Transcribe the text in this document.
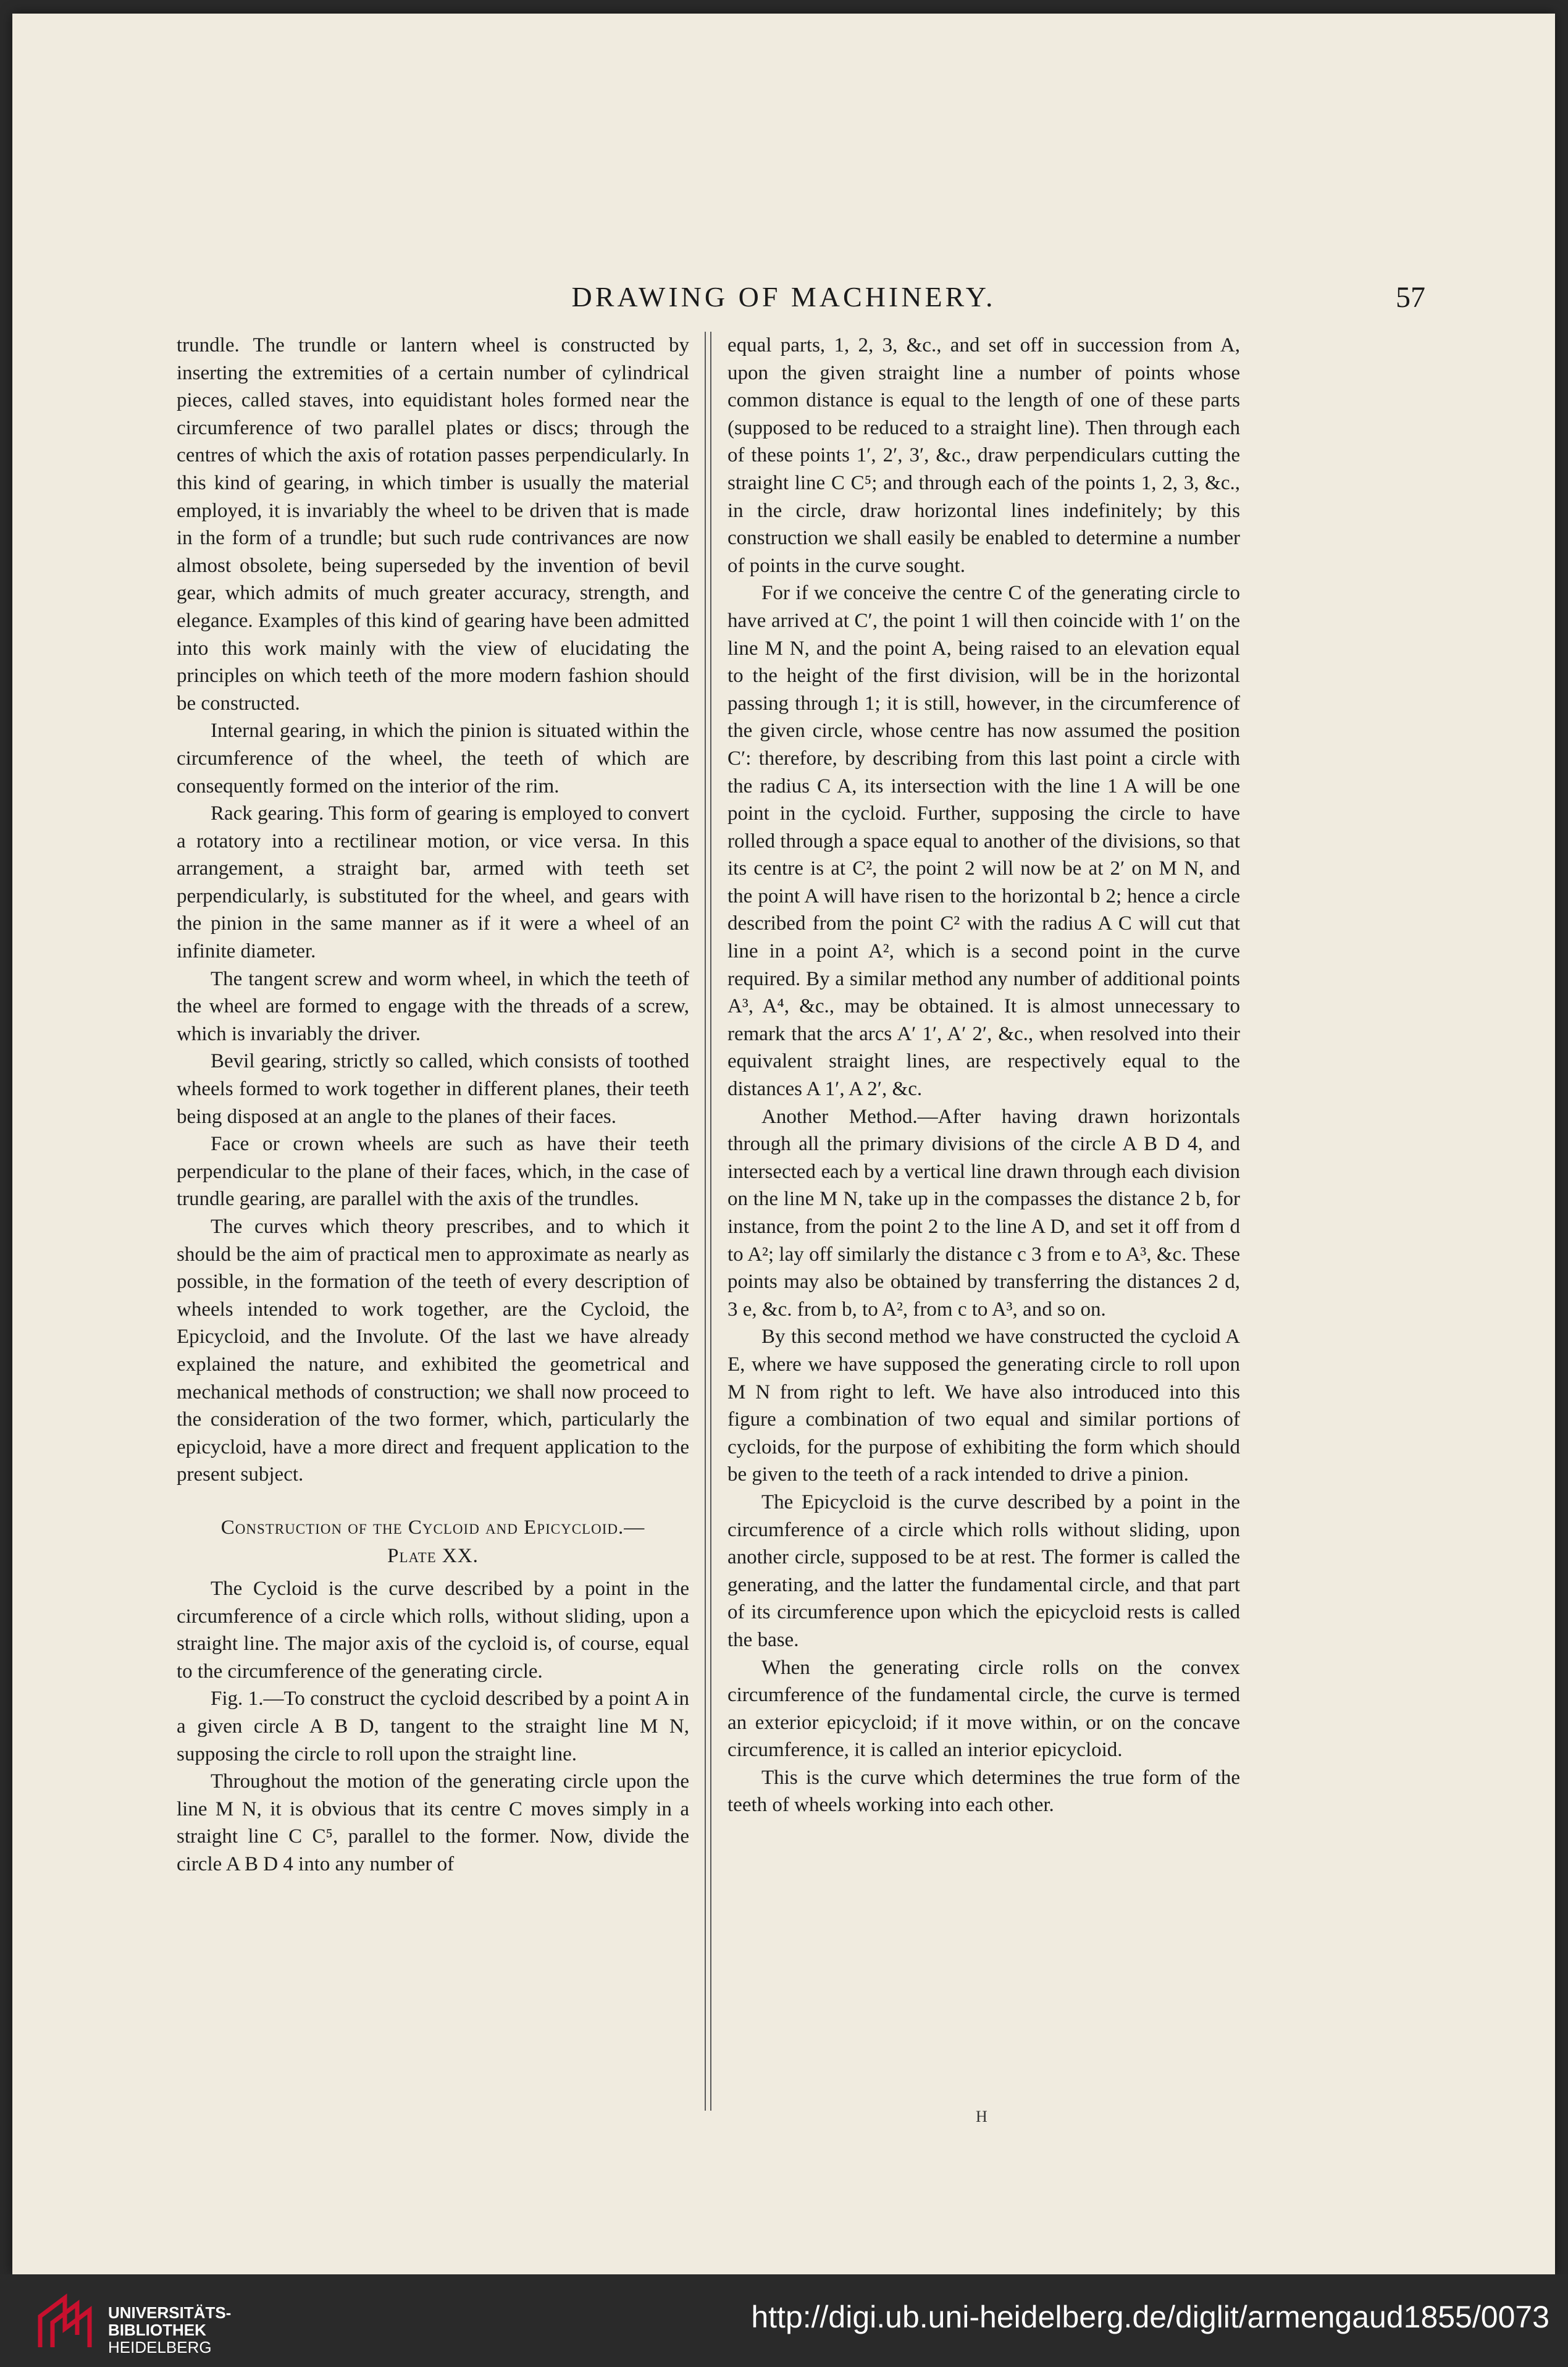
DRAWING OF MACHINERY.	57

trundle. The trundle or lantern wheel is constructed by inserting the extremities of a certain number of cylindrical pieces, called staves, into equidistant holes formed near the circumference of two parallel plates or discs; through the centres of which the axis of rotation passes perpendicularly. In this kind of gearing, in which timber is usually the material employed, it is invariably the wheel to be driven that is made in the form of a trundle; but such rude contrivances are now almost obsolete, being superseded by the invention of bevil gear, which admits of much greater accuracy, strength, and elegance. Examples of this kind of gearing have been admitted into this work mainly with the view of elucidating the principles on which teeth of the more modern fashion should be constructed.

Internal gearing, in which the pinion is situated within the circumference of the wheel, the teeth of which are consequently formed on the interior of the rim.

Rack gearing. This form of gearing is employed to convert a rotatory into a rectilinear motion, or vice versa. In this arrangement, a straight bar, armed with teeth set perpendicularly, is substituted for the wheel, and gears with the pinion in the same manner as if it were a wheel of an infinite diameter.

The tangent screw and worm wheel, in which the teeth of the wheel are formed to engage with the threads of a screw, which is invariably the driver.

Bevil gearing, strictly so called, which consists of toothed wheels formed to work together in different planes, their teeth being disposed at an angle to the planes of their faces.

Face or crown wheels are such as have their teeth perpendicular to the plane of their faces, which, in the case of trundle gearing, are parallel with the axis of the trundles.

The curves which theory prescribes, and to which it should be the aim of practical men to approximate as nearly as possible, in the formation of the teeth of every description of wheels intended to work together, are the Cycloid, the Epicycloid, and the Involute. Of the last we have already explained the nature, and exhibited the geometrical and mechanical methods of construction; we shall now proceed to the consideration of the two former, which, particularly the epicycloid, have a more direct and frequent application to the present subject.

Construction of the Cycloid and Epicycloid.—
Plate XX.

The Cycloid is the curve described by a point in the circumference of a circle which rolls, without sliding, upon a straight line. The major axis of the cycloid is, of course, equal to the circumference of the generating circle.

Fig. 1.—To construct the cycloid described by a point A in a given circle A B D, tangent to the straight line M N, supposing the circle to roll upon the straight line.

Throughout the motion of the generating circle upon the line M N, it is obvious that its centre C moves simply in a straight line C C⁵, parallel to the former. Now, divide the circle A B D 4 into any number of

equal parts, 1, 2, 3, &c., and set off in succession from A, upon the given straight line a number of points whose common distance is equal to the length of one of these parts (supposed to be reduced to a straight line). Then through each of these points 1′, 2′, 3′, &c., draw perpendiculars cutting the straight line C C⁵; and through each of the points 1, 2, 3, &c., in the circle, draw horizontal lines indefinitely; by this construction we shall easily be enabled to determine a number of points in the curve sought.

For if we conceive the centre C of the generating circle to have arrived at C′, the point 1 will then coincide with 1′ on the line M N, and the point A, being raised to an elevation equal to the height of the first division, will be in the horizontal passing through 1; it is still, however, in the circumference of the given circle, whose centre has now assumed the position C′: therefore, by describing from this last point a circle with the radius C A, its intersection with the line 1 A will be one point in the cycloid. Further, supposing the circle to have rolled through a space equal to another of the divisions, so that its centre is at C², the point 2 will now be at 2′ on M N, and the point A will have risen to the horizontal b 2; hence a circle described from the point C² with the radius A C will cut that line in a point A², which is a second point in the curve required. By a similar method any number of additional points A³, A⁴, &c., may be obtained. It is almost unnecessary to remark that the arcs A′ 1′, A′ 2′, &c., when resolved into their equivalent straight lines, are respectively equal to the distances A 1′, A 2′, &c.

Another Method.—After having drawn horizontals through all the primary divisions of the circle A B D 4, and intersected each by a vertical line drawn through each division on the line M N, take up in the compasses the distance 2 b, for instance, from the point 2 to the line A D, and set it off from d to A²; lay off similarly the distance c 3 from e to A³, &c. These points may also be obtained by transferring the distances 2 d, 3 e, &c. from b, to A², from c to A³, and so on.

By this second method we have constructed the cycloid A E, where we have supposed the generating circle to roll upon M N from right to left. We have also introduced into this figure a combination of two equal and similar portions of cycloids, for the purpose of exhibiting the form which should be given to the teeth of a rack intended to drive a pinion.

The Epicycloid is the curve described by a point in the circumference of a circle which rolls without sliding, upon another circle, supposed to be at rest. The former is called the generating, and the latter the fundamental circle, and that part of its circumference upon which the epicycloid rests is called the base.

When the generating circle rolls on the convex circumference of the fundamental circle, the curve is termed an exterior epicycloid; if it move within, or on the concave circumference, it is called an interior epicycloid.

This is the curve which determines the true form of the teeth of wheels working into each other.

H
UNIVERSITÄTS-
BIBLIOTHEK
HEIDELBERG
http://digi.ub.uni-heidelberg.de/diglit/armengaud1855/0073
